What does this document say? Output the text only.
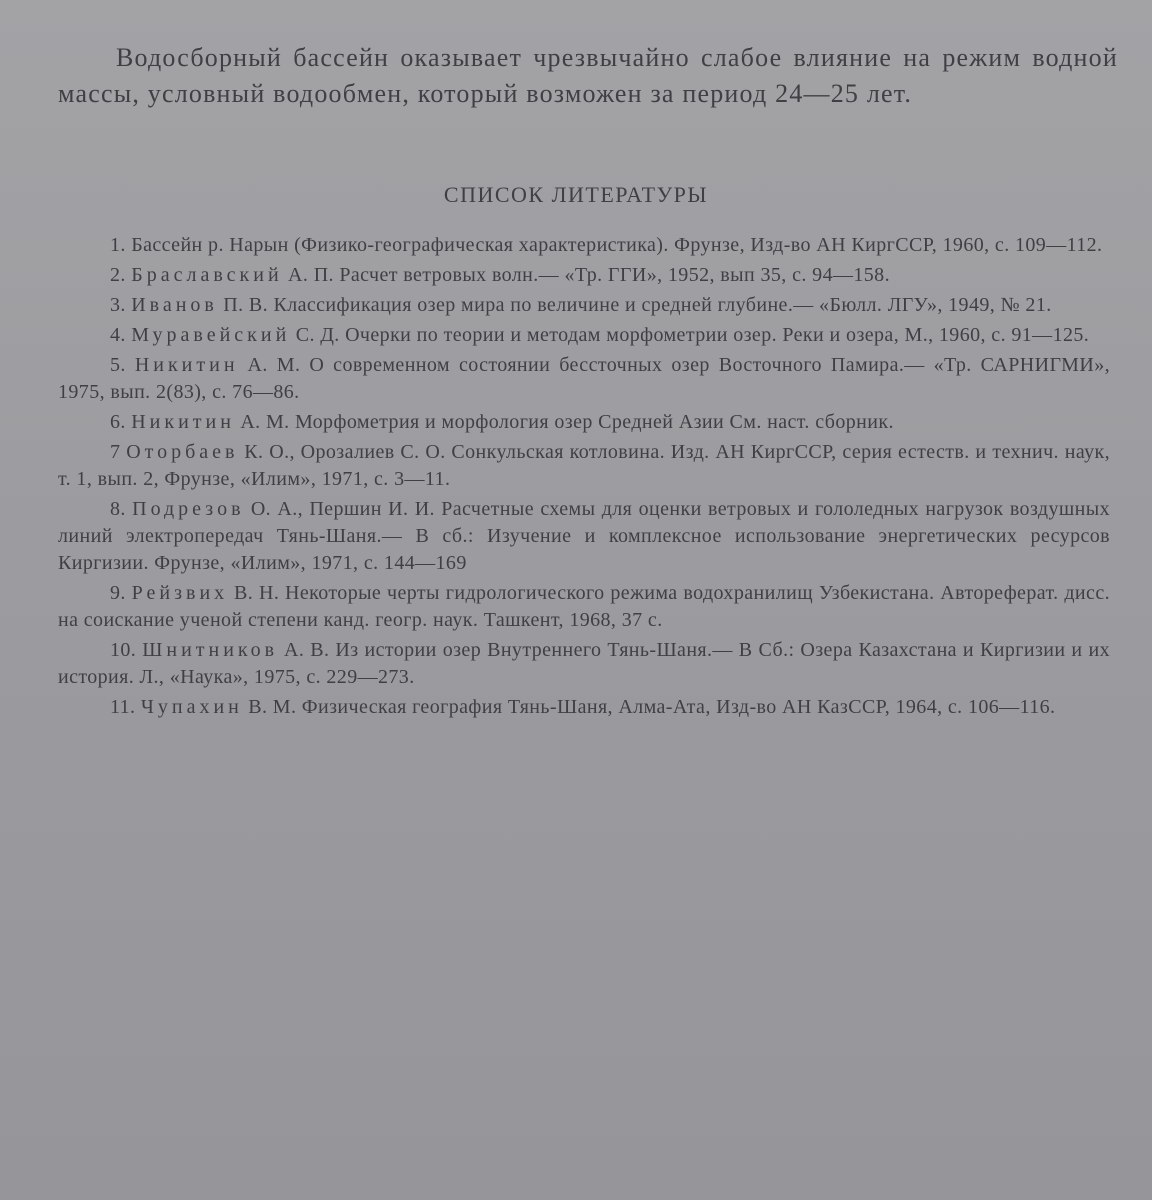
Водосборный бассейн оказывает чрезвычайно слабое влияние на режим водной массы, условный водообмен, который возможен за период 24—25 лет.

СПИСОК ЛИТЕРАТУРЫ
1. Бассейн р. Нарын (Физико-географическая характеристика). Фрунзе, Изд-во АН КиргССР, 1960, с. 109—112.
2. Браславский А. П. Расчет ветровых волн.— «Тр. ГГИ», 1952, вып 35, с. 94—158.
3. Иванов П. В. Классификация озер мира по величине и средней глубине.— «Бюлл. ЛГУ», 1949, № 21.
4. Муравейский С. Д. Очерки по теории и методам морфометрии озер. Реки и озера, М., 1960, с. 91—125.
5. Никитин А. М. О современном состоянии бессточных озер Восточного Памира.— «Тр. САРНИГМИ», 1975, вып. 2(83), с. 76—86.
6. Никитин А. М. Морфометрия и морфология озер Средней Азии См. наст. сборник.
7 Оторбаев К. О., Орозалиев С. О. Сонкульская котловина. Изд. АН КиргССР, серия естеств. и технич. наук, т. 1, вып. 2, Фрунзе, «Илим», 1971, с. 3—11.
8. Подрезов О. А., Першин И. И. Расчетные схемы для оценки ветровых и гололедных нагрузок воздушных линий электропередач Тянь-Шаня.— В сб.: Изучение и комплексное использование энергетических ресурсов Киргизии. Фрунзе, «Илим», 1971, с. 144—169
9. Рейзвих В. Н. Некоторые черты гидрологического режима водохранилищ Узбекистана. Автореферат. дисс. на соискание ученой степени канд. геогр. наук. Ташкент, 1968, 37 с.
10. Шнитников А. В. Из истории озер Внутреннего Тянь-Шаня.— В Сб.: Озера Казахстана и Киргизии и их история. Л., «Наука», 1975, с. 229—273.
11. Чупахин В. М. Физическая география Тянь-Шаня, Алма-Ата, Изд-во АН КазССР, 1964, с. 106—116.
